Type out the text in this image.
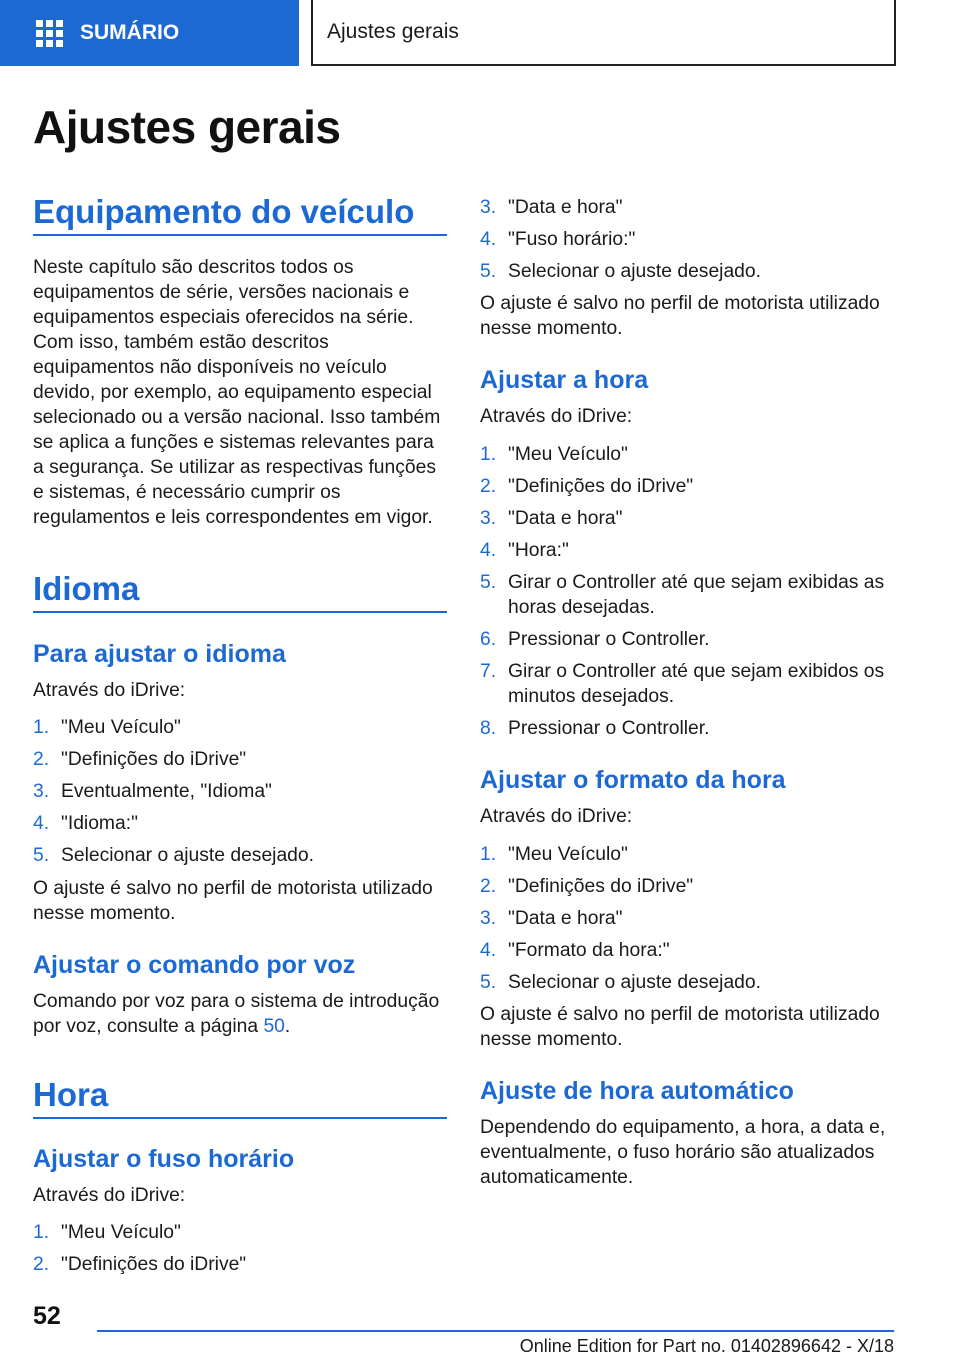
SUMÁRIO	Ajustes gerais
Ajustes gerais
Equipamento do veículo

Neste capítulo são descritos todos os equipamentos de série, versões nacionais e equipamentos especiais oferecidos na série. Com isso, também estão descritos equipamentos não disponíveis no veículo devido, por exemplo, ao equipamento especial selecionado ou a versão nacional. Isso também se aplica a funções e sistemas relevantes para a segurança. Se utilizar as respectivas funções e sistemas, é necessário cumprir os regulamentos e leis correspondentes em vigor.

Idioma
Para ajustar o idioma

Através do iDrive:

1. "Meu Veículo"
2. "Definições do iDrive"
3. Eventualmente, "Idioma"
4. "Idioma:"
5. Selecionar o ajuste desejado.

O ajuste é salvo no perfil de motorista utilizado nesse momento.

Ajustar o comando por voz

Comando por voz para o sistema de introdução por voz, consulte a página 50.

Hora
Ajustar o fuso horário

Através do iDrive:

1. "Meu Veículo"
2. "Definições do iDrive"
3. "Data e hora"
4. "Fuso horário:"
5. Selecionar o ajuste desejado.

O ajuste é salvo no perfil de motorista utilizado nesse momento.

Ajustar a hora

Através do iDrive:

1. "Meu Veículo"
2. "Definições do iDrive"
3. "Data e hora"
4. "Hora:"
5. Girar o Controller até que sejam exibidas as horas desejadas.
6. Pressionar o Controller.
7. Girar o Controller até que sejam exibidos os minutos desejados.
8. Pressionar o Controller.
Ajustar o formato da hora

Através do iDrive:

1. "Meu Veículo"
2. "Definições do iDrive"
3. "Data e hora"
4. "Formato da hora:"
5. Selecionar o ajuste desejado.

O ajuste é salvo no perfil de motorista utilizado nesse momento.

Ajuste de hora automático

Dependendo do equipamento, a hora, a data e, eventualmente, o fuso horário são atualizados automaticamente.

52
Online Edition for Part no. 01402896642 - X/18
